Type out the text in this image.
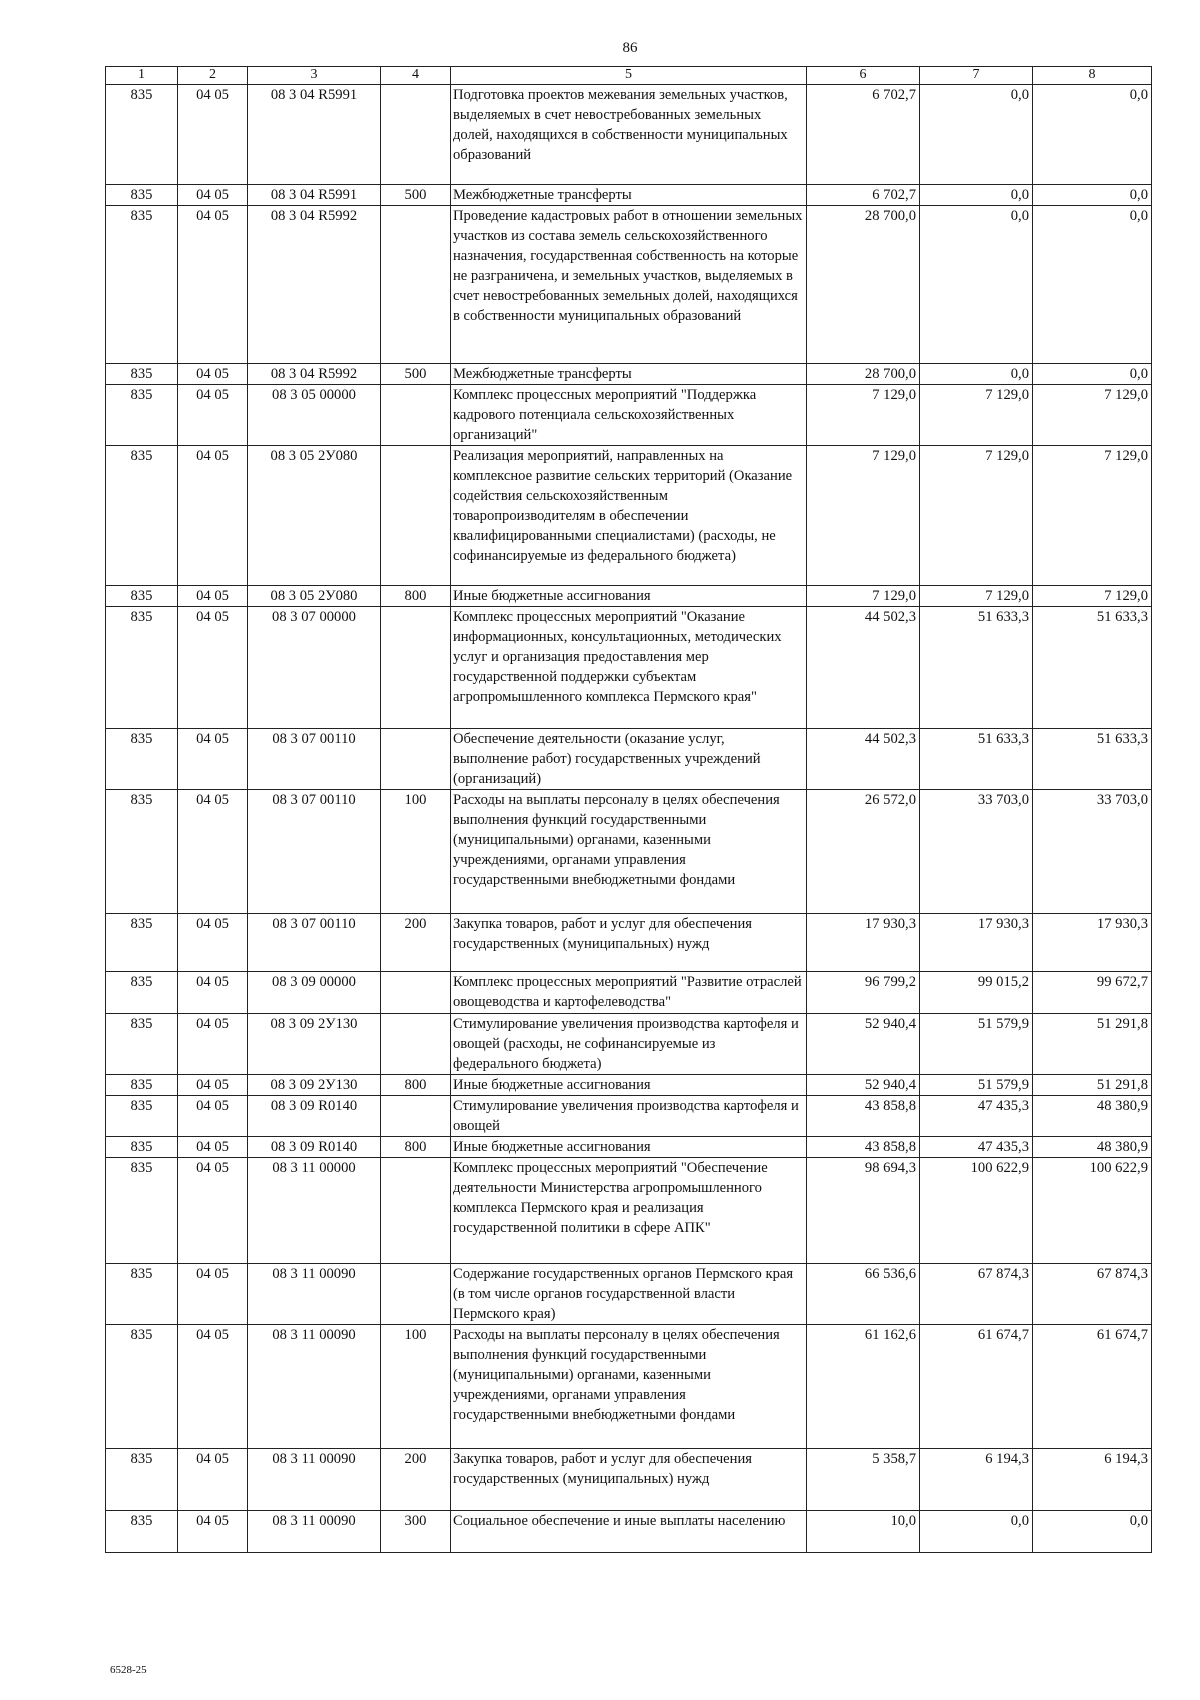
86
1	2	3	4	5	6	7	8
835	04 05	08 3 04 R5991		Подготовка проектов межевания земельных участков, выделяемых в счет невостребованных земельных долей, находящихся в собственности муниципальных образований	6 702,7	0,0	0,0
835	04 05	08 3 04 R5991	500	Межбюджетные трансферты	6 702,7	0,0	0,0
835	04 05	08 3 04 R5992		Проведение кадастровых работ в отношении земельных участков из состава земель сельскохозяйственного назначения, государственная собственность на которые не разграничена, и земельных участков, выделяемых в счет невостребованных земельных долей, находящихся в собственности муниципальных образований	28 700,0	0,0	0,0
835	04 05	08 3 04 R5992	500	Межбюджетные трансферты	28 700,0	0,0	0,0
835	04 05	08 3 05 00000		Комплекс процессных мероприятий "Поддержка кадрового потенциала сельскохозяйственных организаций"	7 129,0	7 129,0	7 129,0
835	04 05	08 3 05 2У080		Реализация мероприятий, направленных на комплексное развитие сельских территорий (Оказание содействия сельскохозяйственным товаропроизводителям в обеспечении квалифицированными специалистами) (расходы, не софинансируемые из федерального бюджета)	7 129,0	7 129,0	7 129,0
835	04 05	08 3 05 2У080	800	Иные бюджетные ассигнования	7 129,0	7 129,0	7 129,0
835	04 05	08 3 07 00000		Комплекс процессных мероприятий "Оказание информационных, консультационных, методических услуг и организация предоставления мер государственной поддержки субъектам агропромышленного комплекса Пермского края"	44 502,3	51 633,3	51 633,3
835	04 05	08 3 07 00110		Обеспечение деятельности (оказание услуг, выполнение работ) государственных учреждений (организаций)	44 502,3	51 633,3	51 633,3
835	04 05	08 3 07 00110	100	Расходы на выплаты персоналу в целях обеспечения выполнения функций государственными (муниципальными) органами, казенными учреждениями, органами управления государственными внебюджетными фондами	26 572,0	33 703,0	33 703,0
835	04 05	08 3 07 00110	200	Закупка товаров, работ и услуг для обеспечения государственных (муниципальных) нужд	17 930,3	17 930,3	17 930,3
835	04 05	08 3 09 00000		Комплекс процессных мероприятий "Развитие отраслей овощеводства и картофелеводства"	96 799,2	99 015,2	99 672,7
835	04 05	08 3 09 2У130		Стимулирование увеличения производства картофеля и овощей (расходы, не софинансируемые из федерального бюджета)	52 940,4	51 579,9	51 291,8
835	04 05	08 3 09 2У130	800	Иные бюджетные ассигнования	52 940,4	51 579,9	51 291,8
835	04 05	08 3 09 R0140		Стимулирование увеличения производства картофеля и овощей	43 858,8	47 435,3	48 380,9
835	04 05	08 3 09 R0140	800	Иные бюджетные ассигнования	43 858,8	47 435,3	48 380,9
835	04 05	08 3 11 00000		Комплекс процессных мероприятий "Обеспечение деятельности Министерства агропромышленного комплекса Пермского края и реализация государственной политики в сфере АПК"	98 694,3	100 622,9	100 622,9
835	04 05	08 3 11 00090		Содержание государственных органов Пермского края (в том числе органов государственной власти Пермского края)	66 536,6	67 874,3	67 874,3
835	04 05	08 3 11 00090	100	Расходы на выплаты персоналу в целях обеспечения выполнения функций государственными (муниципальными) органами, казенными учреждениями, органами управления государственными внебюджетными фондами	61 162,6	61 674,7	61 674,7
835	04 05	08 3 11 00090	200	Закупка товаров, работ и услуг для обеспечения государственных (муниципальных) нужд	5 358,7	6 194,3	6 194,3
835	04 05	08 3 11 00090	300	Социальное обеспечение и иные выплаты населению	10,0	0,0	0,0
6528-25
